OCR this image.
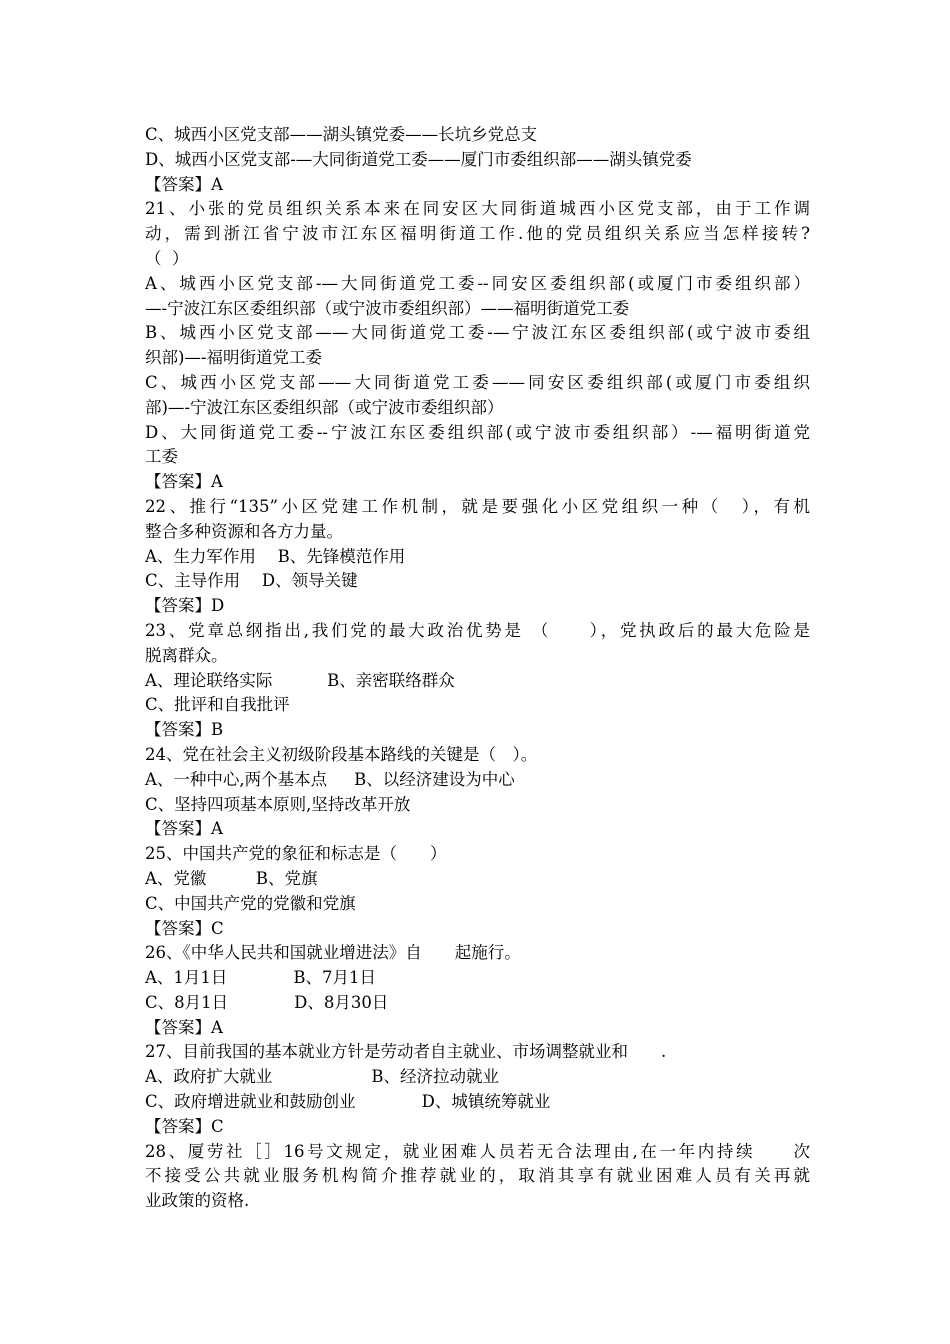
C、城西小区党支部——湖头镇党委——长坑乡党总支
D、城西小区党支部-—大同街道党工委——厦门市委组织部——湖头镇党委
【答案】A
21、小张的党员组织关系本来在同安区大同街道城西小区党支部，由于工作调
动，需到浙江省宁波市江东区福明街道工作.他的党员组织关系应当怎样接转?
（  ）
A、城西小区党支部-—大同街道党工委--同安区委组织部(或厦门市委组织部）
—-宁波江东区委组织部（或宁波市委组织部）——福明街道党工委
B、城西小区党支部——大同街道党工委-—宁波江东区委组织部(或宁波市委组
织部)—-福明街道党工委
C、城西小区党支部——大同街道党工委——同安区委组织部(或厦门市委组织
部)—-宁波江东区委组织部（或宁波市委组织部）
D、大同街道党工委--宁波江东区委组织部(或宁波市委组织部）-—福明街道党
工委
【答案】A
22、推行“135”小区党建工作机制，就是要强化小区党组织一种（　），有机
整合多种资源和各方力量。
A、生力军作用　 B、先锋模范作用
C、主导作用　 D、领导关键
【答案】D
23、党章总纲指出,我们党的最大政治优势是 （　　），党执政后的最大危险是
脱离群众。
A、理论联络实际　　　 B、亲密联络群众
C、批评和自我批评
【答案】B
24、党在社会主义初级阶段基本路线的关键是（　）。
A、一种中心,两个基本点　  B、以经济建设为中心
C、坚持四项基本原则,坚持改革开放
【答案】A
25、中国共产党的象征和标志是（　　）
A、党徽　　　B、党旗
C、中国共产党的党徽和党旗
【答案】C
26、《中华人民共和国就业增进法》自　　起施行。
A、1月1日　　　　B、7月1日
C、8月1日　　　　D、8月30日
【答案】A
27、目前我国的基本就业方针是劳动者自主就业、市场调整就业和　　.
A、政府扩大就业　　　　　　B、经济拉动就业
C、政府增进就业和鼓励创业　　　　D、城镇统筹就业
【答案】C
28、厦劳社［］16号文规定，就业困难人员若无合法理由,在一年内持续　　次
不接受公共就业服务机构简介推荐就业的，取消其享有就业困难人员有关再就
业政策的资格.
